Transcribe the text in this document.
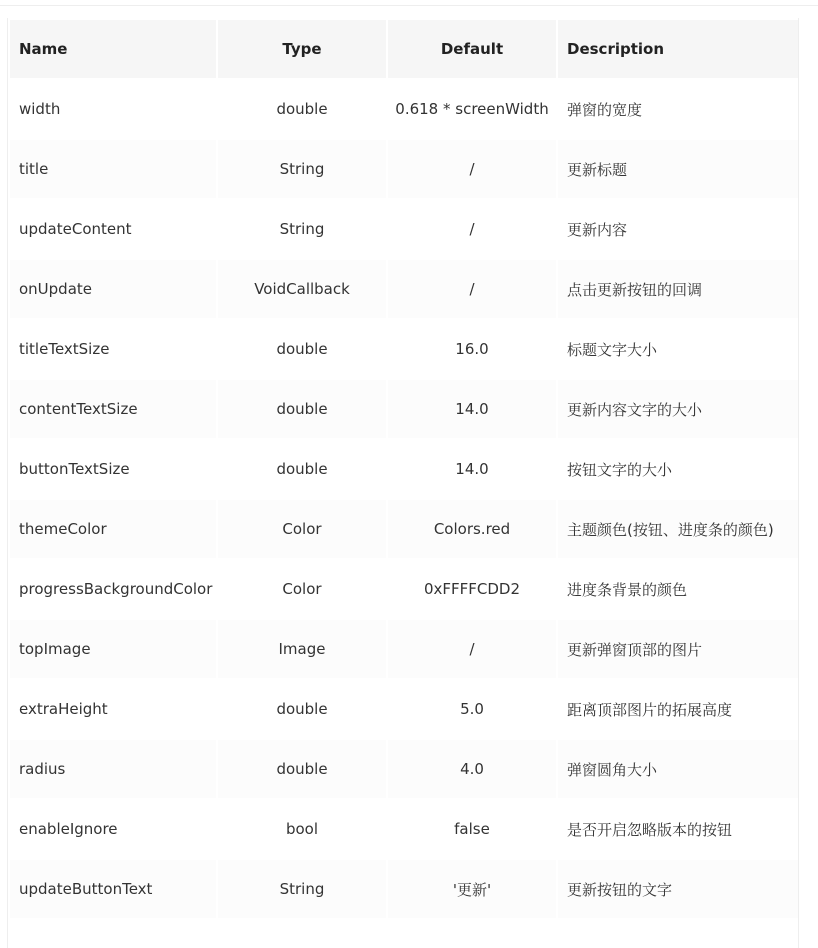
Name	Type	Default	Description
width	double	0.618 * screenWidth	弹窗的宽度
title	String	/	更新标题
updateContent	String	/	更新内容
onUpdate	VoidCallback	/	点击更新按钮的回调
titleTextSize	double	16.0	标题文字大小
contentTextSize	double	14.0	更新内容文字的大小
buttonTextSize	double	14.0	按钮文字的大小
themeColor	Color	Colors.red	主题颜色(按钮、进度条的颜色)
progressBackgroundColor	Color	0xFFFFCDD2	进度条背景的颜色
topImage	Image	/	更新弹窗顶部的图片
extraHeight	double	5.0	距离顶部图片的拓展高度
radius	double	4.0	弹窗圆角大小
enableIgnore	bool	false	是否开启忽略版本的按钮
updateButtonText	String	'更新'	更新按钮的文字
